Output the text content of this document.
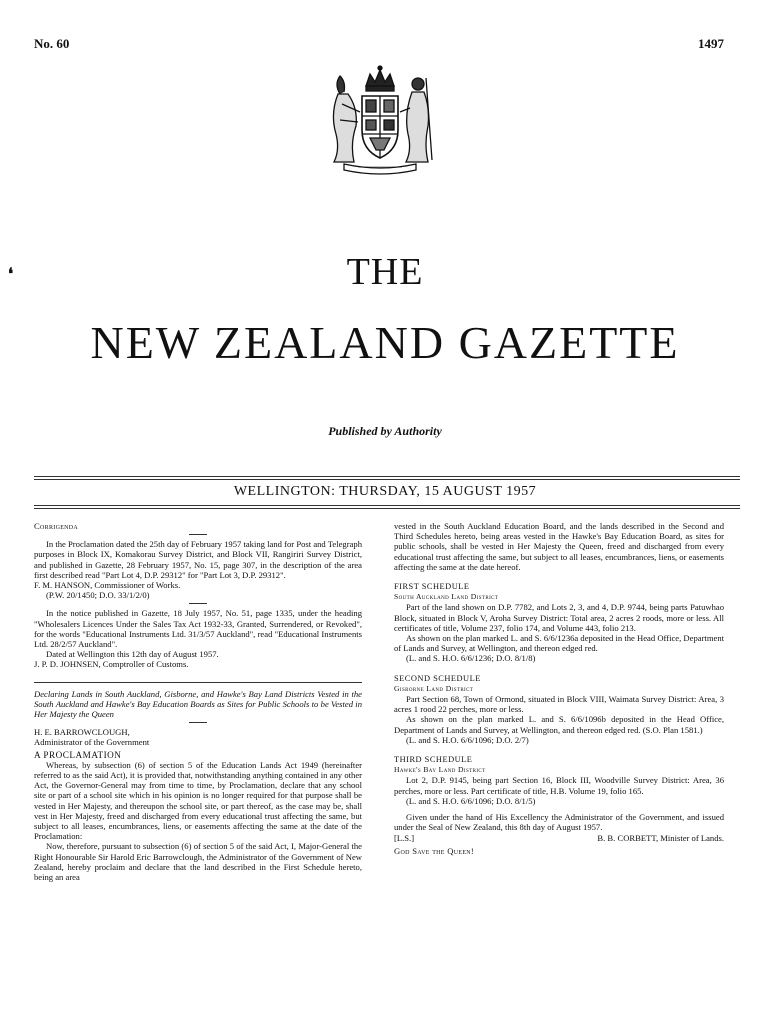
No. 60	1497
❛	THE
NEW ZEALAND GAZETTE
Published by Authority
WELLINGTON: THURSDAY, 15 AUGUST 1957

Corrigenda

In the Proclamation dated the 25th day of February 1957 taking land for Post and Telegraph purposes in Block IX, Komakorau Survey District, and Block VII, Rangiriri Survey District, and published in Gazette, 28 February 1957, No. 15, page 307, in the description of the area first described read "Part Lot 4, D.P. 29312" for "Part Lot 3, D.P. 29312".

F. M. HANSON, Commissioner of Works.

(P.W. 20/1450; D.O. 33/1/2/0)

In the notice published in Gazette, 18 July 1957, No. 51, page 1335, under the heading "Wholesalers Licences Under the Sales Tax Act 1932-33, Granted, Surrendered, or Revoked", for the words "Educational Instruments Ltd. 31/3/57 Auckland", read "Educational Instruments Ltd. 28/2/57 Auckland".

Dated at Wellington this 12th day of August 1957.

J. P. D. JOHNSEN, Comptroller of Customs.

Declaring Lands in South Auckland, Gisborne, and Hawke's Bay Land Districts Vested in the South Auckland and Hawke's Bay Education Boards as Sites for Public Schools to be Vested in Her Majesty the Queen

H. E. BARROWCLOUGH,

Administrator of the Government

A PROCLAMATION

Whereas, by subsection (6) of section 5 of the Education Lands Act 1949 (hereinafter referred to as the said Act), it is provided that, notwithstanding anything contained in any other Act, the Governor-General may from time to time, by Proclamation, declare that any school site or part of a school site which in his opinion is no longer required for that purpose shall be vested in Her Majesty, and thereupon the school site, or part thereof, as the case may be, shall vest in Her Majesty, freed and discharged from every educational trust affecting the same, but subject to all leases, encumbrances, liens, or easements affecting the same at the date of the Proclamation:

Now, therefore, pursuant to subsection (6) of section 5 of the said Act, I, Major-General the Right Honourable Sir Harold Eric Barrowclough, the Administrator of the Government of New Zealand, hereby proclaim and declare that the land described in the First Schedule hereto, being an area

vested in the South Auckland Education Board, and the lands described in the Second and Third Schedules hereto, being areas vested in the Hawke's Bay Education Board, as sites for public schools, shall be vested in Her Majesty the Queen, freed and discharged from every educational trust affecting the same, but subject to all leases, encumbrances, liens, or easements affecting the same at the date hereof.

FIRST SCHEDULE

South Auckland Land District

Part of the land shown on D.P. 7782, and Lots 2, 3, and 4, D.P. 9744, being parts Patuwhao Block, situated in Block V, Aroha Survey District: Total area, 2 acres 2 roods, more or less. All certificates of title, Volume 237, folio 174, and Volume 443, folio 213.

As shown on the plan marked L. and S. 6/6/1236a deposited in the Head Office, Department of Lands and Survey, at Wellington, and thereon edged red.

(L. and S. H.O. 6/6/1236; D.O. 8/1/8)

SECOND SCHEDULE

Gisborne Land District

Part Section 68, Town of Ormond, situated in Block VIII, Waimata Survey District: Area, 3 acres 1 rood 22 perches, more or less.

As shown on the plan marked L. and S. 6/6/1096b deposited in the Head Office, Department of Lands and Survey, at Wellington, and thereon edged red. (S.O. Plan 1581.)

(L. and S. H.O. 6/6/1096; D.O. 2/7)

THIRD SCHEDULE

Hawke's Bay Land District

Lot 2, D.P. 9145, being part Section 16, Block III, Woodville Survey District: Area, 36 perches, more or less. Part certificate of title, H.B. Volume 19, folio 165.

(L. and S. H.O. 6/6/1096; D.O. 8/1/5)

Given under the hand of His Excellency the Administrator of the Government, and issued under the Seal of New Zealand, this 8th day of August 1957.

[L.S.]	B. B. CORBETT, Minister of Lands.

God Save the Queen!
